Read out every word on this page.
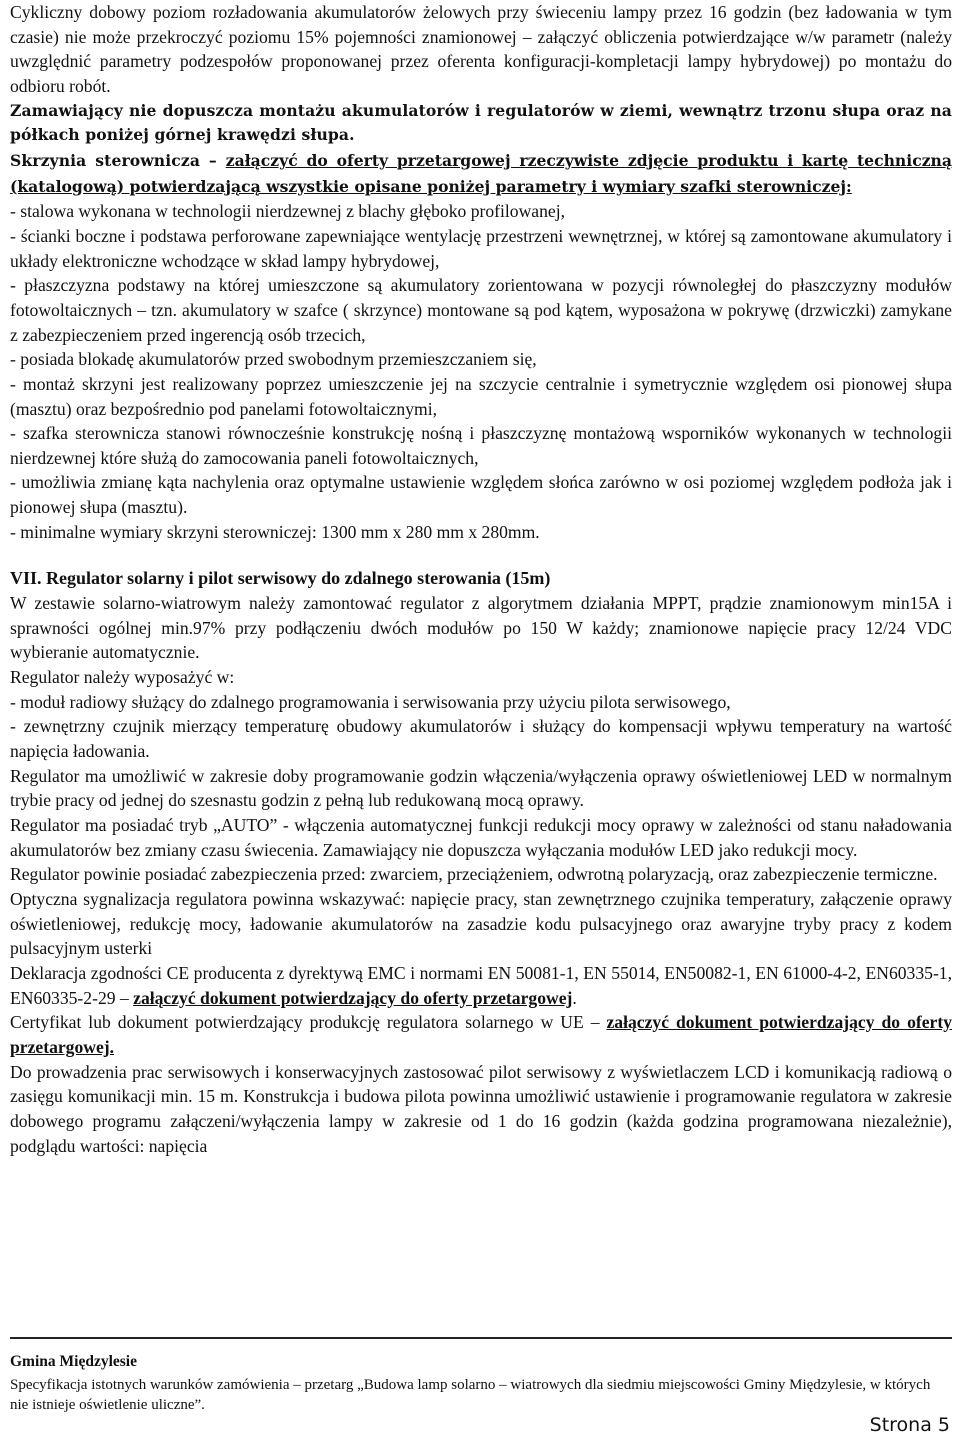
Cykliczny dobowy poziom rozładowania akumulatorów żelowych przy świeceniu lampy przez 16 godzin (bez ładowania w tym czasie) nie może przekroczyć poziomu 15% pojemności znamionowej – załączyć obliczenia potwierdzające w/w parametr (należy uwzględnić parametry podzespołów proponowanej przez oferenta konfiguracji-kompletacji lampy hybrydowej) po montażu do odbioru robót.

Zamawiający nie dopuszcza montażu akumulatorów i regulatorów w ziemi, wewnątrz trzonu słupa oraz na półkach poniżej górnej krawędzi słupa.

Skrzynia sterownicza – załączyć do oferty przetargowej rzeczywiste zdjęcie produktu i kartę techniczną (katalogową) potwierdzającą wszystkie opisane poniżej parametry i wymiary szafki sterowniczej:

- stalowa wykonana w technologii nierdzewnej z blachy głęboko profilowanej,

- ścianki boczne i podstawa perforowane zapewniające wentylację przestrzeni wewnętrznej, w której są zamontowane akumulatory i układy elektroniczne wchodzące w skład lampy hybrydowej,

- płaszczyzna podstawy na której umieszczone są akumulatory zorientowana w pozycji równoległej do płaszczyzny modułów fotowoltaicznych – tzn. akumulatory w szafce ( skrzynce) montowane są pod kątem, wyposażona w pokrywę (drzwiczki) zamykane z zabezpieczeniem przed ingerencją osób trzecich,

- posiada blokadę akumulatorów przed swobodnym przemieszczaniem się,

- montaż skrzyni jest realizowany poprzez umieszczenie jej na szczycie centralnie i symetrycznie względem osi pionowej słupa (masztu) oraz bezpośrednio pod panelami fotowoltaicznymi,

- szafka sterownicza stanowi równocześnie konstrukcję nośną i płaszczyznę montażową wsporników wykonanych w technologii nierdzewnej które służą do zamocowania paneli fotowoltaicznych,

- umożliwia zmianę kąta nachylenia oraz optymalne ustawienie względem słońca zarówno w osi poziomej względem podłoża jak i pionowej słupa (masztu).

- minimalne wymiary skrzyni sterowniczej: 1300 mm x 280 mm x 280mm.

VII. Regulator solarny i pilot serwisowy do zdalnego sterowania (15m)

W zestawie solarno-wiatrowym należy zamontować regulator z algorytmem działania MPPT, prądzie znamionowym min15A i sprawności ogólnej min.97% przy podłączeniu dwóch modułów po 150 W każdy; znamionowe napięcie pracy 12/24 VDC wybieranie automatycznie.

Regulator należy wyposażyć w:

- moduł radiowy służący do zdalnego programowania i serwisowania przy użyciu pilota serwisowego,

- zewnętrzny czujnik mierzący temperaturę obudowy akumulatorów i służący do kompensacji wpływu temperatury na wartość napięcia ładowania.

Regulator ma umożliwić w zakresie doby programowanie godzin włączenia/wyłączenia oprawy oświetleniowej LED w normalnym trybie pracy od jednej do szesnastu godzin z pełną lub redukowaną mocą oprawy.

Regulator ma posiadać tryb „AUTO” - włączenia automatycznej funkcji redukcji mocy oprawy w zależności od stanu naładowania akumulatorów bez zmiany czasu świecenia. Zamawiający nie dopuszcza wyłączania modułów LED jako redukcji mocy.

Regulator powinie posiadać zabezpieczenia przed: zwarciem, przeciążeniem, odwrotną polaryzacją, oraz zabezpieczenie termiczne.

Optyczna sygnalizacja regulatora powinna wskazywać: napięcie pracy, stan zewnętrznego czujnika temperatury, załączenie oprawy oświetleniowej, redukcję mocy, ładowanie akumulatorów na zasadzie kodu pulsacyjnego oraz awaryjne tryby pracy z kodem pulsacyjnym usterki

Deklaracja zgodności CE producenta z dyrektywą EMC i normami EN 50081-1, EN 55014, EN50082-1, EN 61000-4-2, EN60335-1, EN60335-2-29 – załączyć dokument potwierdzający do oferty przetargowej.

Certyfikat lub dokument potwierdzający produkcję regulatora solarnego w UE – załączyć dokument potwierdzający do oferty przetargowej.

Do prowadzenia prac serwisowych i konserwacyjnych zastosować pilot serwisowy z wyświetlaczem LCD i komunikacją radiową o zasięgu komunikacji min. 15 m. Konstrukcja i budowa pilota powinna umożliwić ustawienie i programowanie regulatora w zakresie dobowego programu załączeni/wyłączenia lampy w zakresie od 1 do 16 godzin (każda godzina programowana niezależnie), podglądu wartości: napięcia

Gmina Międzylesie
Specyfikacja istotnych warunków zamówienia – przetarg „Budowa lamp solarno – wiatrowych dla siedmiu miejscowości Gminy Międzylesie, w których nie istnieje oświetlenie uliczne”.
Strona 5
